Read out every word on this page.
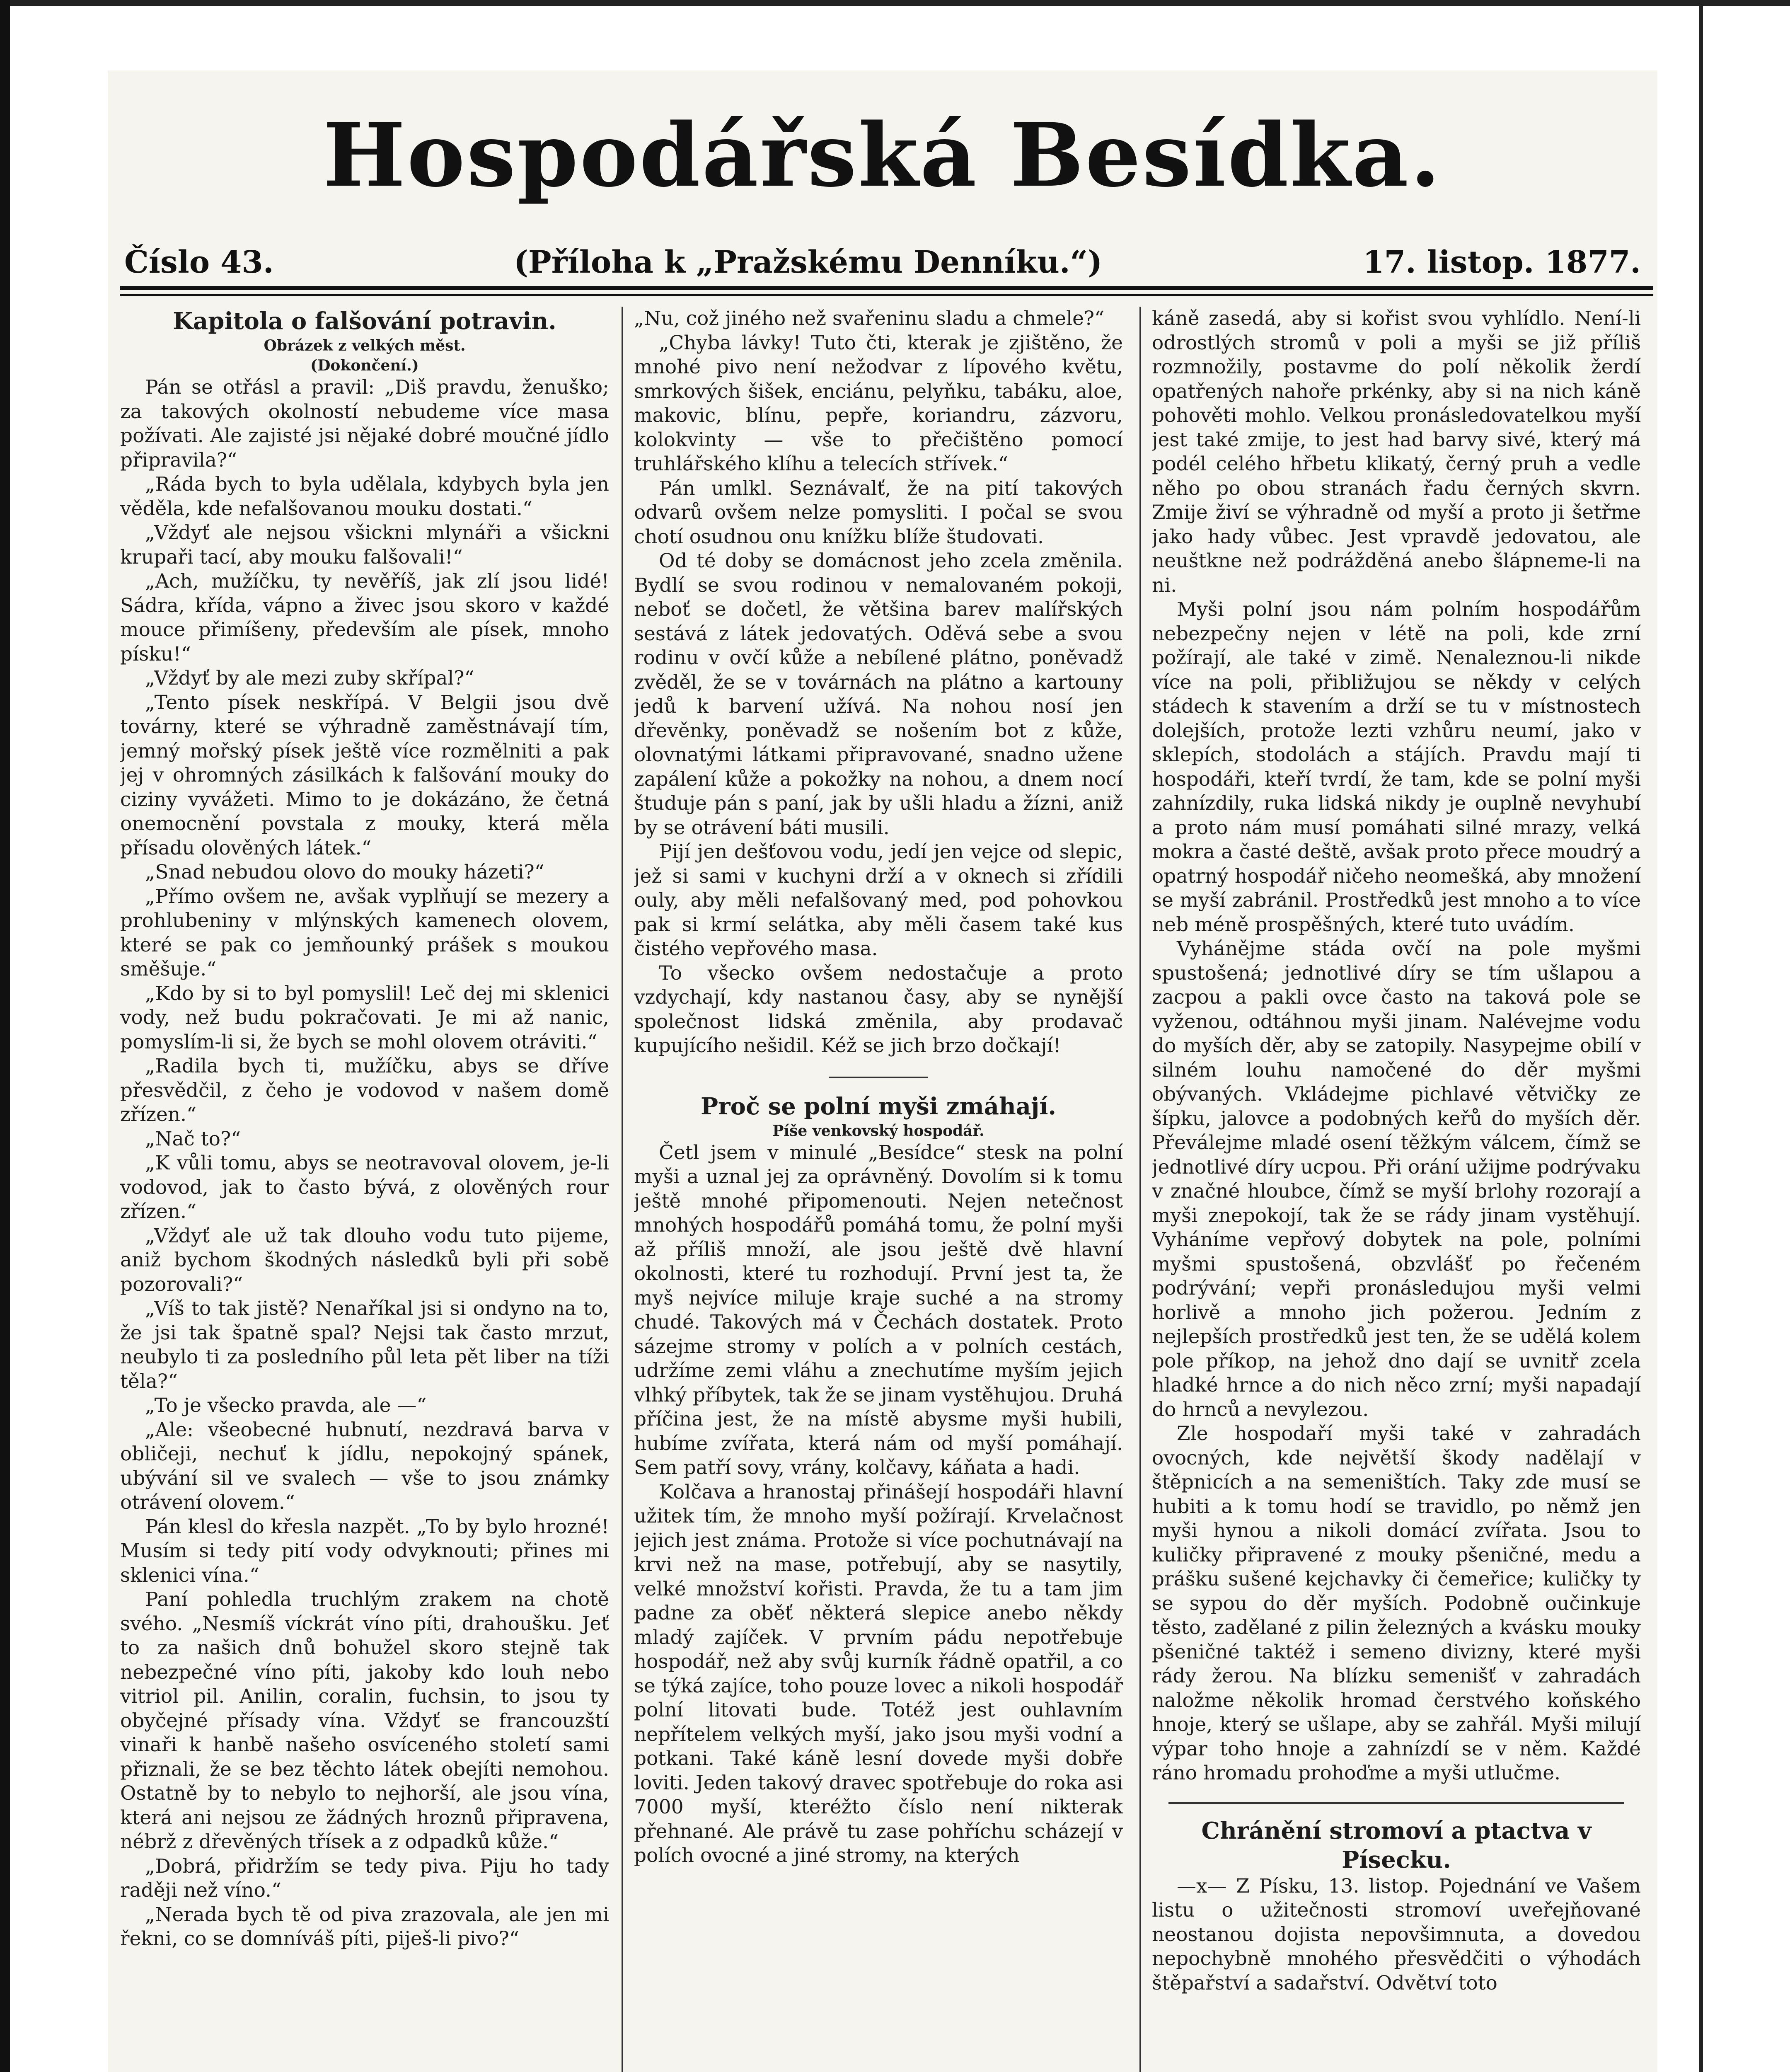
Hospodářská Besídka.
Číslo 43.	(Příloha k „Pražskému Denníku.“)	17. listop. 1877.
Kapitola o falšování potravin.

Obrázek z velkých měst.

(Dokončení.)

Pán se otřásl a pravil: „Diš pravdu, ženuško; za takových okolností nebudeme více masa požívati. Ale zajisté jsi nějaké dobré moučné jídlo připravila?“

„Ráda bych to byla udělala, kdybych byla jen věděla, kde nefalšovanou mouku dostati.“

„Vždyť ale nejsou všickni mlynáři a všickni krupaři tací, aby mouku falšovali!“

„Ach, mužíčku, ty nevěříš, jak zlí jsou lidé! Sádra, křída, vápno a živec jsou skoro v každé mouce přimíšeny, především ale písek, mnoho písku!“

„Vždyť by ale mezi zuby skřípal?“

„Tento písek neskřípá. V Belgii jsou dvě továrny, které se výhradně zaměstnávají tím, jemný mořský písek ještě více rozmělniti a pak jej v ohromných zásilkách k falšování mouky do ciziny vyvážeti. Mimo to je dokázáno, že četná onemocnění povstala z mouky, která měla přísadu olověných látek.“

„Snad nebudou olovo do mouky házeti?“

„Přímo ovšem ne, avšak vyplňují se mezery a prohlubeniny v mlýnských kamenech olovem, které se pak co jemňounký prášek s moukou směšuje.“

„Kdo by si to byl pomyslil! Leč dej mi sklenici vody, než budu pokračovati. Je mi až nanic, pomyslím-li si, že bych se mohl olovem otráviti.“

„Radila bych ti, mužíčku, abys se dříve přesvědčil, z čeho je vodovod v našem domě zřízen.“

„Nač to?“

„K vůli tomu, abys se neotravoval olovem, je-li vodovod, jak to často bývá, z olověných rour zřízen.“

„Vždyť ale už tak dlouho vodu tuto pijeme, aniž bychom škodných následků byli při sobě pozorovali?“

„Víš to tak jistě? Nenaříkal jsi si ondyno na to, že jsi tak špatně spal? Nejsi tak často mrzut, neubylo ti za posledního půl leta pět liber na tíži těla?“

„To je všecko pravda, ale —“

„Ale: všeobecné hubnutí, nezdravá barva v obličeji, nechuť k jídlu, nepokojný spánek, ubývání sil ve svalech — vše to jsou známky otrávení olovem.“

Pán klesl do křesla nazpět. „To by bylo hrozné! Musím si tedy pití vody odvyknouti; přines mi sklenici vína.“

Paní pohledla truchlým zrakem na chotě svého. „Nesmíš víckrát víno píti, drahoušku. Jeť to za našich dnů bohužel skoro stejně tak nebezpečné víno píti, jakoby kdo louh nebo vitriol pil. Anilin, coralin, fuchsin, to jsou ty obyčejné přísady vína. Vždyť se francouzští vinaři k hanbě našeho osvíceného století sami přiznali, že se bez těchto látek obejíti nemohou. Ostatně by to nebylo to nejhorší, ale jsou vína, která ani nejsou ze žádných hroznů připravena, nébrž z dřevěných třísek a z odpadků kůže.“

„Dobrá, přidržím se tedy piva. Piju ho tady raději než víno.“

„Nerada bych tě od piva zrazovala, ale jen mi řekni, co se domníváš píti, piješ-li pivo?“

„Nu, což jiného než svařeninu sladu a chmele?“

„Chyba lávky! Tuto čti, kterak je zjištěno, že mnohé pivo není nežodvar z lípového květu, smrkových šišek, enciánu, pelyňku, tabáku, aloe, makovic, blínu, pepře, koriandru, zázvoru, kolokvinty — vše to přečištěno pomocí truhlářského klíhu a telecích střívek.“

Pán umlkl. Seznávalť, že na pití takových odvarů ovšem nelze pomysliti. I počal se svou chotí osudnou onu knížku blíže študovati.

Od té doby se domácnost jeho zcela změnila. Bydlí se svou rodinou v nemalovaném pokoji, neboť se dočetl, že většina barev malířských sestává z látek jedovatých. Oděvá sebe a svou rodinu v ovčí kůže a nebílené plátno, poněvadž zvěděl, že se v továrnách na plátno a kartouny jedů k barvení užívá. Na nohou nosí jen dřevěnky, poněvadž se nošením bot z kůže, olovnatými látkami připravované, snadno užene zapálení kůže a pokožky na nohou, a dnem nocí študuje pán s paní, jak by ušli hladu a žízni, aniž by se otrávení báti musili.

Pijí jen dešťovou vodu, jedí jen vejce od slepic, jež si sami v kuchyni drží a v oknech si zřídili ouly, aby měli nefalšovaný med, pod pohovkou pak si krmí selátka, aby měli časem také kus čistého vepřového masa.

To všecko ovšem nedostačuje a proto vzdychají, kdy nastanou časy, aby se nynější společnost lidská změnila, aby prodavač kupujícího nešidil. Kéž se jich brzo dočkají!

Proč se polní myši zmáhají.

Píše venkovský hospodář.

Četl jsem v minulé „Besídce“ stesk na polní myši a uznal jej za oprávněný. Dovolím si k tomu ještě mnohé připomenouti. Nejen netečnost mnohých hospodářů pomáhá tomu, že polní myši až příliš množí, ale jsou ještě dvě hlavní okolnosti, které tu rozhodují. První jest ta, že myš nejvíce miluje kraje suché a na stromy chudé. Takových má v Čechách dostatek. Proto sázejme stromy v polích a v polních cestách, udržíme zemi vláhu a znechutíme myším jejich vlhký příbytek, tak že se jinam vystěhujou. Druhá příčina jest, že na místě abysme myši hubili, hubíme zvířata, která nám od myší pomáhají. Sem patří sovy, vrány, kolčavy, káňata a hadi.

Kolčava a hranostaj přinášejí hospodáři hlavní užitek tím, že mnoho myší požírají. Krvelačnost jejich jest známa. Protože si více pochutnávají na krvi než na mase, potřebují, aby se nasytily, velké množství kořisti. Pravda, že tu a tam jim padne za oběť některá slepice anebo někdy mladý zajíček. V prvním pádu nepotřebuje hospodář, než aby svůj kurník řádně opatřil, a co se týká zajíce, toho pouze lovec a nikoli hospodář polní litovati bude. Totéž jest ouhlavním nepřítelem velkých myší, jako jsou myši vodní a potkani. Také káně lesní dovede myši dobře loviti. Jeden takový dravec spotřebuje do roka asi 7000 myší, kteréžto číslo není nikterak přehnané. Ale právě tu zase pohříchu scházejí v polích ovocné a jiné stromy, na kterých

káně zasedá, aby si kořist svou vyhlídlo. Není-li odrostlých stromů v poli a myši se již příliš rozmnožily, postavme do polí několik žerdí opatřených nahoře prkénky, aby si na nich káně pohověti mohlo. Velkou pronásledovatelkou myší jest také zmije, to jest had barvy sivé, který má podél celého hřbetu klikatý, černý pruh a vedle něho po obou stranách řadu černých skvrn. Zmije živí se výhradně od myší a proto ji šetřme jako hady vůbec. Jest vpravdě jedovatou, ale neuštkne než podrážděná anebo šlápneme-li na ni.

Myši polní jsou nám polním hospodářům nebezpečny nejen v létě na poli, kde zrní požírají, ale také v zimě. Nenaleznou-li nikde více na poli, přibližujou se někdy v celých stádech k stavením a drží se tu v místnostech dolejších, protože lezti vzhůru neumí, jako v sklepích, stodolách a stájích. Pravdu mají ti hospodáři, kteří tvrdí, že tam, kde se polní myši zahnízdily, ruka lidská nikdy je ouplně nevyhubí a proto nám musí pomáhati silné mrazy, velká mokra a časté deště, avšak proto přece moudrý a opatrný hospodář ničeho neomešká, aby množení se myší zabránil. Prostředků jest mnoho a to více neb méně prospěšných, které tuto uvádím.

Vyhánějme stáda ovčí na pole myšmi spustošená; jednotlivé díry se tím ušlapou a zacpou a pakli ovce často na taková pole se vyženou, odtáhnou myši jinam. Nalévejme vodu do myších děr, aby se zatopily. Nasypejme obilí v silném louhu namočené do děr myšmi obývaných. Vkládejme pichlavé větvičky ze šípku, jalovce a podobných keřů do myších děr. Převálejme mladé osení těžkým válcem, čímž se jednotlivé díry ucpou. Při orání užijme podrývaku v značné hloubce, čímž se myší brlohy rozorají a myši znepokojí, tak že se rády jinam vystěhují. Vyháníme vepřový dobytek na pole, polními myšmi spustošená, obzvlášť po řečeném podrývání; vepři pronásledujou myši velmi horlivě a mnoho jich požerou. Jedním z nejlepších prostředků jest ten, že se udělá kolem pole příkop, na jehož dno dají se uvnitř zcela hladké hrnce a do nich něco zrní; myši napadají do hrnců a nevylezou.

Zle hospodaří myši také v zahradách ovocných, kde největší škody nadělají v štěpnicích a na semeništích. Taky zde musí se hubiti a k tomu hodí se travidlo, po němž jen myši hynou a nikoli domácí zvířata. Jsou to kuličky připravené z mouky pšeničné, medu a prášku sušené kejchavky či čemeřice; kuličky ty se sypou do děr myších. Podobně oučinkuje těsto, zadělané z pilin železných a kvásku mouky pšeničné taktéž i semeno divizny, které myši rády žerou. Na blízku semenišť v zahradách naložme několik hromad čerstvého koňského hnoje, který se ušlape, aby se zahřál. Myši milují výpar toho hnoje a zahnízdí se v něm. Každé ráno hromadu prohoďme a myši utlučme.

Chránění stromoví a ptactva v Písecku.

—x— Z Písku, 13. listop. Pojednání ve Vašem listu o užitečnosti stromoví uveřejňované neostanou dojista nepovšimnuta, a dovedou nepochybně mnohého přesvědčiti o výhodách štěpařství a sadařství. Odvětví toto
